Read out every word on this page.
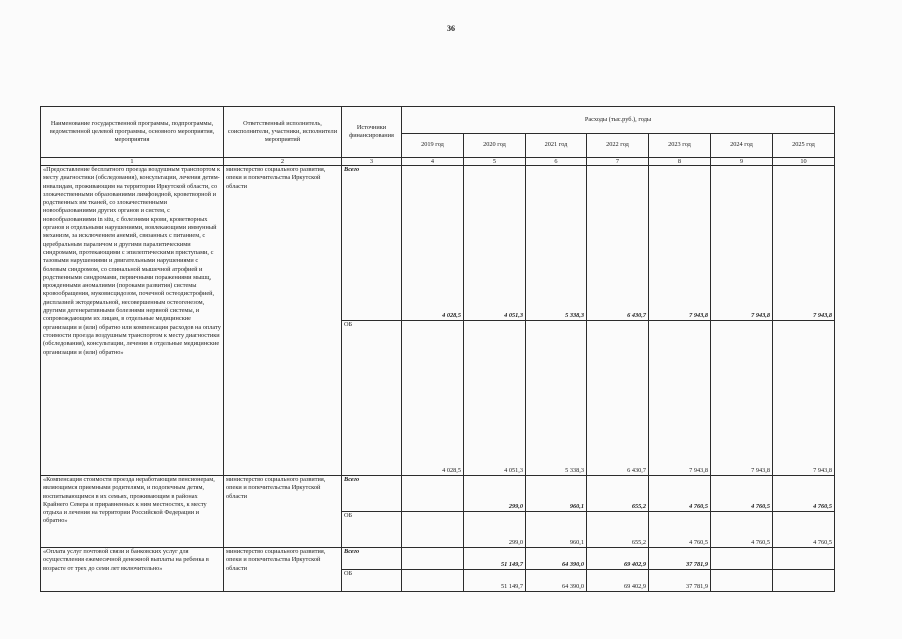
36
Наименование государственной программы, подпрограммы, ведомственной целевой программы, основного мероприятия, мероприятия	Ответственный исполнитель, соисполнители, участники, исполнители мероприятий	Источники финансирования	Расходы (тыс.руб.), годы						
			2019 год	2020 год	2021 год	2022 год	2023 год	2024 год	2025 год
1	2	3	4	5	6	7	8	9	10
«Предоставление бесплатного проезда воздушным транспортом к месту диагностики (обследования), консультации, лечения детям-инвалидам, проживающим на территории Иркутской области, со злокачественными образованиями лимфоидной, кроветворной и родственных им тканей, со злокачественными новообразованиями других органов и систем, с новообразованиями in situ, с болезнями крови, кроветворных органов и отдельными нарушениями, вовлекающими иммунный механизм, за исключением анемий, связанных с питанием, с церебральным параличом и другими паралитическими синдромами, протекающими с эпилептическими приступами, с тазовыми нарушениями и двигательными нарушениями с болевым синдромом, со спинальной мышечной атрофией и родственными синдромами, первичными поражениями мышц, врожденными аномалиями (пороками развития) системы кровообращения, муковисцидозом, почечной остеодистрофией, дисплазией эктодермальной, несовершенным остеогенезом, другими дегенеративными болезнями нервной системы, и сопровождающим их лицам, в отдельные медицинские организации и (или) обратно или компенсация расходов на оплату стоимости проезда воздушным транспортом к месту диагностики (обследования), консультации, лечения в отдельные медицинские организации и (или) обратно»	министерство социального развития, опеки и попечительства Иркутской области	Всего	4 028,5	4 051,3	5 338,3	6 430,7	7 943,8	7 943,8	7 943,8
		ОБ	4 028,5	4 051,3	5 338,3	6 430,7	7 943,8	7 943,8	7 943,8
«Компенсация стоимости проезда неработающим пенсионерам, являющимся приемными родителями, и подопечным детям, воспитывающимся в их семьях, проживающим в районах Крайнего Севера и приравненных к ним местностях, к месту отдыха и лечения на территории Российской Федерации и обратно»	министерство социального развития, опеки и попечительства Иркутской области	Всего		299,0	960,1	655,2	4 760,5	4 760,5	4 760,5
		ОБ		299,0	960,1	655,2	4 760,5	4 760,5	4 760,5
«Оплата услуг почтовой связи и банковских услуг для осуществления ежемесячной денежной выплаты на ребенка в возрасте от трех до семи лет включительно»	министерство социального развития, опеки и попечительства Иркутской области	Всего		51 149,7	64 390,0	69 402,9	37 781,9		
		ОБ		51 149,7	64 390,0	69 402,9	37 781,9		
